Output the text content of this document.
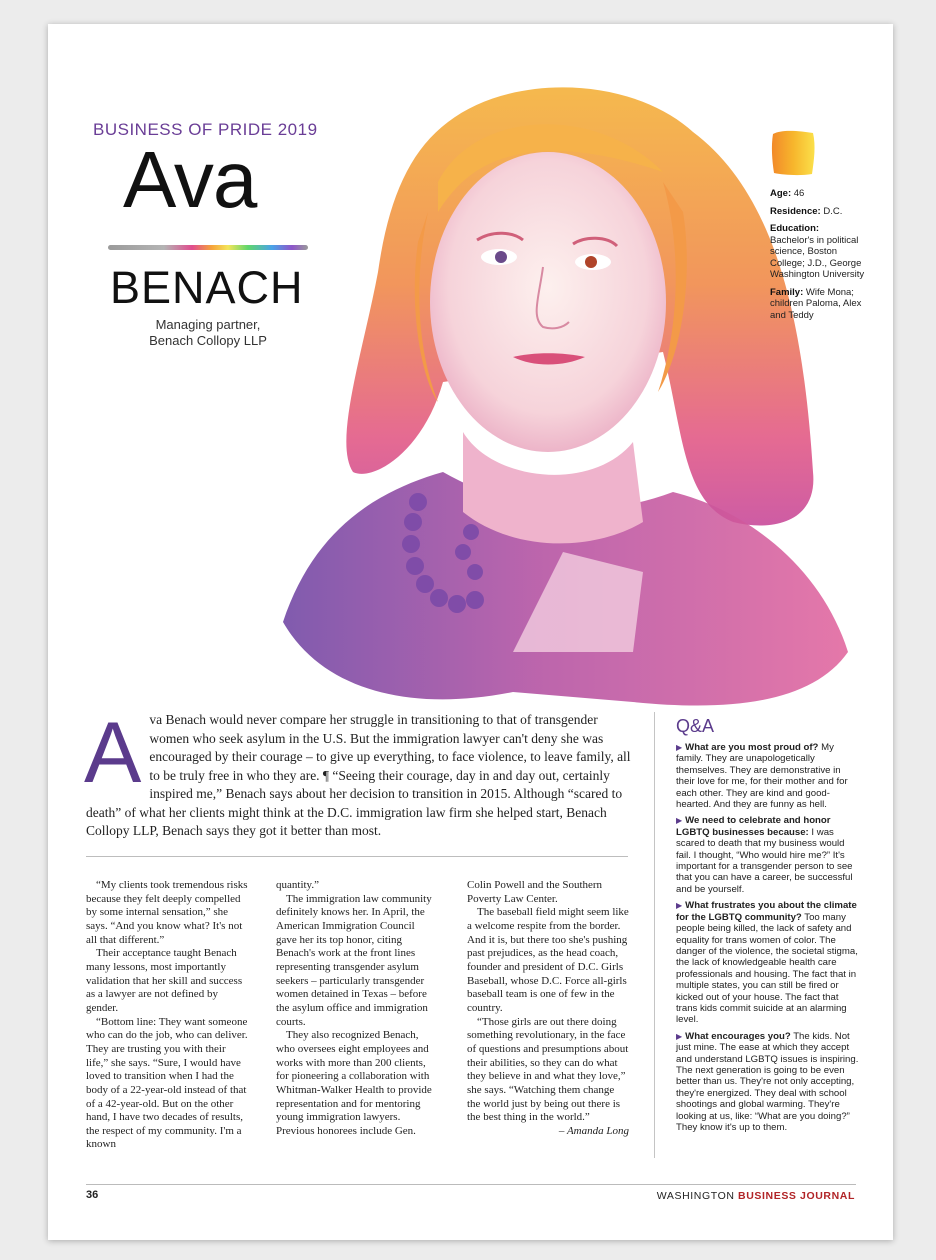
BUSINESS OF PRIDE 2019
Ava
BENACH
Managing partner,
Benach Collopy LLP

Age: 46

Residence: D.C.

Education:
Bachelor's in political science, Boston College; J.D., George Washington University

Family: Wife Mona; children Paloma, Alex and Teddy

A va Benach would never compare her struggle in transitioning to that of transgender women who seek asylum in the U.S. But the immigration lawyer can't deny she was encouraged by their courage – to give up everything, to face violence, to leave family, all to be truly free in who they are. ¶ “Seeing their courage, day in and day out, certainly inspired me,” Benach says about her decision to transition in 2015. Although “scared to death” of what her clients might think at the D.C. immigration law firm she helped start, Benach Collopy LLP, Benach says they got it better than most.

“My clients took tremendous risks because they felt deeply compelled by some internal sensation,” she says. “And you know what? It's not all that different.”

Their acceptance taught Benach many lessons, most importantly validation that her skill and success as a lawyer are not defined by gender.

“Bottom line: They want someone who can do the job, who can deliver. They are trusting you with their life,” she says. “Sure, I would have loved to transition when I had the body of a 22-year-old instead of that of a 42-year-old. But on the other hand, I have two decades of results, the respect of my community. I'm a known

quantity.”

The immigration law community definitely knows her. In April, the American Immigration Council gave her its top honor, citing Benach's work at the front lines representing transgender asylum seekers – particularly transgender women detained in Texas – before the asylum office and immigration courts.

They also recognized Benach, who oversees eight employees and works with more than 200 clients, for pioneering a collaboration with Whitman-Walker Health to provide representation and for mentoring young immigration lawyers. Previous honorees include Gen.

Colin Powell and the Southern Poverty Law Center.

The baseball field might seem like a welcome respite from the border. And it is, but there too she's pushing past prejudices, as the head coach, founder and president of D.C. Girls Baseball, whose D.C. Force all-girls baseball team is one of few in the country.

“Those girls are out there doing something revolutionary, in the face of questions and presumptions about their abilities, so they can do what they believe in and what they love,” she says. “Watching them change the world just by being out there is the best thing in the world.”
– Amanda Long

Q&A

▶ What are you most proud of? My family. They are unapologetically themselves. They are demonstrative in their love for me, for their mother and for each other. They are kind and good-hearted. And they are funny as hell.

▶ We need to celebrate and honor LGBTQ businesses because: I was scared to death that my business would fail. I thought, “Who would hire me?” It's important for a transgender person to see that you can have a career, be successful and be yourself.

▶ What frustrates you about the climate for the LGBTQ community? Too many people being killed, the lack of safety and equality for trans women of color. The danger of the violence, the societal stigma, the lack of knowledgeable health care professionals and housing. The fact that in multiple states, you can still be fired or kicked out of your house. The fact that trans kids commit suicide at an alarming level.

▶ What encourages you? The kids. Not just mine. The ease at which they accept and understand LGBTQ issues is inspiring. The next generation is going to be even better than us. They're not only accepting, they're energized. They deal with school shootings and global warming. They're looking at us, like: “What are you doing?” They know it's up to them.

36	WASHINGTON BUSINESS JOURNAL
